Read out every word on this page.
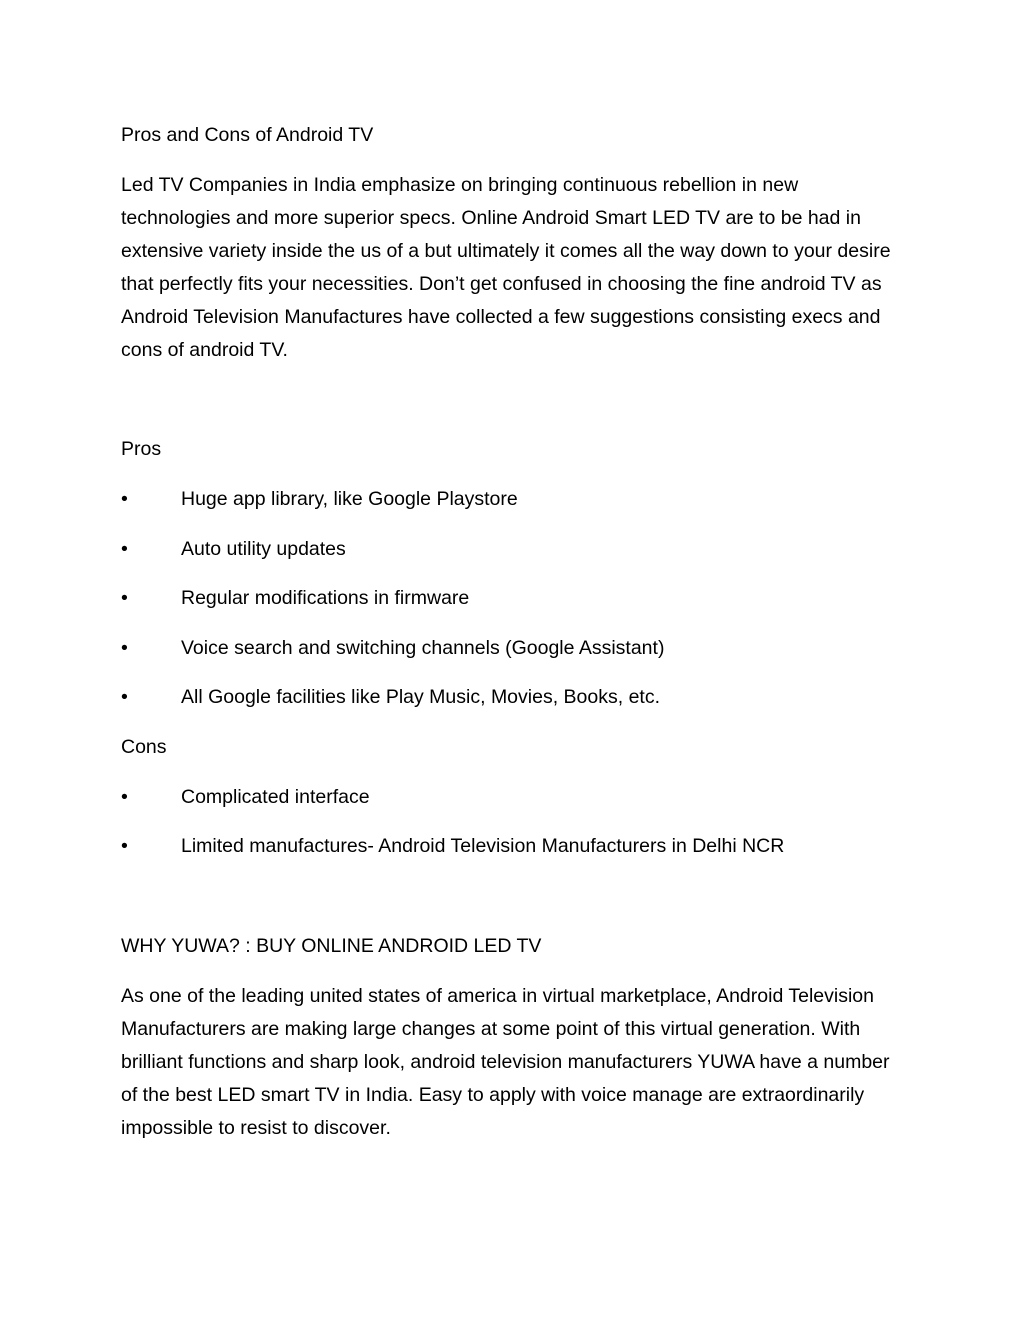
Pros and Cons of Android TV

Led TV Companies in India emphasize on bringing continuous rebellion in new technologies and more superior specs. Online Android Smart LED TV are to be had in extensive variety inside the us of a but ultimately it comes all the way down to your desire that perfectly fits your necessities. Don’t get confused in choosing the fine android TV as Android Television Manufactures have collected a few suggestions consisting execs and cons of android TV.

Pros

•	Huge app library, like Google Playstore
•	Auto utility updates
•	Regular modifications in firmware
•	Voice search and switching channels (Google Assistant)
•	All Google facilities like Play Music, Movies, Books, etc.

Cons

•	Complicated interface
•	Limited manufactures- Android Television Manufacturers in Delhi NCR

WHY YUWA? : BUY ONLINE ANDROID LED TV

As one of the leading united states of america in virtual marketplace, Android Television Manufacturers are making large changes at some point of this virtual generation. With brilliant functions and sharp look, android television manufacturers YUWA have a number of the best LED smart TV in India. Easy to apply with voice manage are extraordinarily impossible to resist to discover.
